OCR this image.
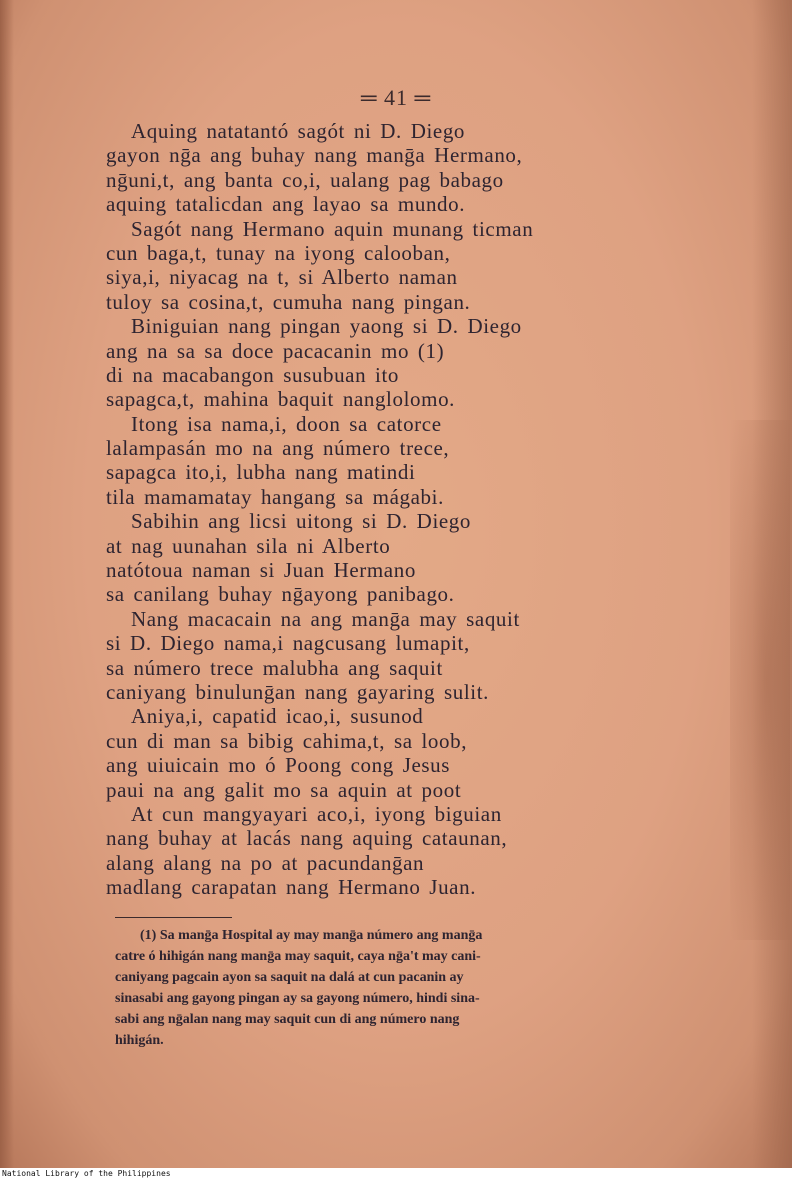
═ 41 ═
Aquing natatantó sagót ni D. Diego
gayon nḡa ang buhay nang manḡa Hermano,
nḡuni,t, ang banta co,i, ualang pag babago
aquing tatalicdan ang layao sa mundo.
Sagót nang Hermano aquin munang ticman
cun baga,t, tunay na iyong calooban,
siya,i, niyacag na t, si Alberto naman
tuloy sa cosina,t, cumuha nang pingan.
Biniguian nang pingan yaong si D. Diego
ang na sa sa doce pacacanin mo (1)
di na macabangon susubuan ito
sapagca,t, mahina baquit nanglolomo.
Itong isa nama,i, doon sa catorce
lalampasán mo na ang número trece,
sapagca ito,i, lubha nang matindi
tila mamamatay hangang sa mágabi.
Sabihin ang licsi uitong si D. Diego
at nag uunahan sila ni Alberto
natótoua naman si Juan Hermano
sa canilang buhay nḡayong panibago.
Nang macacain na ang manḡa may saquit
si D. Diego nama,i nagcusang lumapit,
sa número trece malubha ang saquit
caniyang binulunḡan nang gayaring sulit.
Aniya,i, capatid icao,i, susunod
cun di man sa bibig cahima,t, sa loob,
ang uiuicain mo ó Poong cong Jesus
paui na ang galit mo sa aquin at poot
At cun mangyayari aco,i, iyong biguian
nang buhay at lacás nang aquing cataunan,
alang alang na po at pacundanḡan
madlang carapatan nang Hermano Juan.
(1) Sa manḡa Hospital ay may manḡa número ang manḡa
catre ó hihigán nang manḡa may saquit, caya nḡa't may cani-
caniyang pagcain ayon sa saquit na dalá at cun pacanin ay
sinasabi ang gayong pingan ay sa gayong número, hindi sina-
sabi ang nḡalan nang may saquit cun di ang número nang
hihigán.
National Library of the Philippines
